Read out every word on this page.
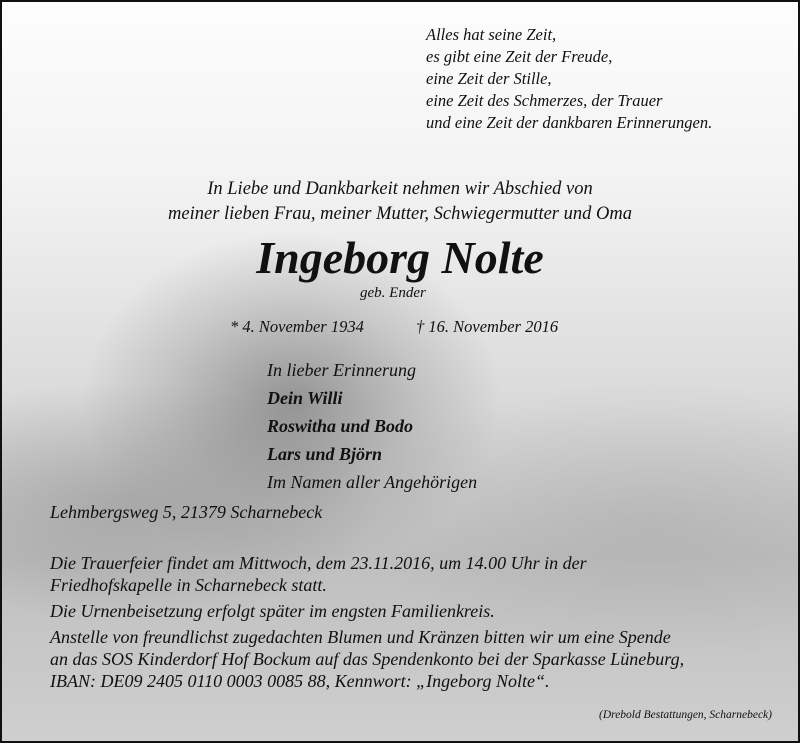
Alles hat seine Zeit,
es gibt eine Zeit der Freude,
eine Zeit der Stille,
eine Zeit des Schmerzes, der Trauer
und eine Zeit der dankbaren Erinnerungen.
In Liebe und Dankbarkeit nehmen wir Abschied von
meiner lieben Frau, meiner Mutter, Schwiegermutter und Oma
Ingeborg Nolte
geb. Ender
* 4. November 1934	† 16. November 2016
In lieber Erinnerung
Dein Willi
Roswitha und Bodo
Lars und Björn
Im Namen aller Angehörigen
Lehmbergsweg 5, 21379 Scharnebeck

Die Trauerfeier findet am Mittwoch, dem 23.11.2016, um 14.00 Uhr in der
Friedhofskapelle in Scharnebeck statt.

Die Urnenbeisetzung erfolgt später im engsten Familienkreis.

Anstelle von freundlichst zugedachten Blumen und Kränzen bitten wir um eine Spende
an das SOS Kinderdorf Hof Bockum auf das Spendenkonto bei der Sparkasse Lüneburg,
IBAN: DE09 2405 0110 0003 0085 88, Kennwort: „Ingeborg Nolte“.

(Drebold Bestattungen, Scharnebeck)
